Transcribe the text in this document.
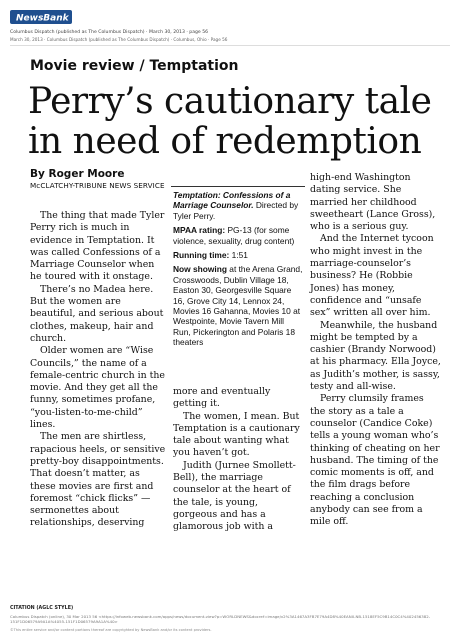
NewsBank
Columbus Dispatch (published as The Columbus Dispatch) · March 30, 2013 · page 56
March 30, 2013 · Columbus Dispatch (published as The Columbus Dispatch) · Columbus, Ohio · Page 56
Movie review / Temptation
Perry’s cautionary tale
in need of redemption
By Roger Moore
McCLATCHY-TRIBUNE NEWS SERVICE

The thing that made Tyler Perry rich is much in evidence in Temptation. It was called Confessions of a Marriage Counselor when he toured with it onstage.

There’s no Madea here. But the women are beautiful, and serious about clothes, makeup, hair and church.

Older women are “Wise Councils,” the name of a female-centric church in the movie. And they get all the funny, sometimes profane, “you-listen-to-me-child” lines.

The men are shirtless, rapacious heels, or sensitive pretty-boy disappointments. That doesn’t matter, as these movies are first and foremost “chick flicks” — sermonettes about relationships, deserving

Temptation: Confessions of a Marriage Counselor. Directed by Tyler Perry.
MPAA rating: PG-13 (for some violence, sexuality, drug content)
Running time: 1:51
Now showing at the Arena Grand, Crosswoods, Dublin Village 18, Easton 30, Georgesville Square 16, Grove City 14, Lennox 24, Movies 16 Gahanna, Movies 10 at Westpointe, Movie Tavern Mill Run, Pickerington and Polaris 18 theaters

more and eventually getting it.

The women, I mean. But Temptation is a cautionary tale about wanting what you haven’t got.

Judith (Jurnee Smollett-Bell), the marriage counselor at the heart of the tale, is young, gorgeous and has a glamorous job with a

high-end Washington dating service. She married her childhood sweetheart (Lance Gross), who is a serious guy.

And the Internet tycoon who might invest in the marriage-counselor’s business? He (Robbie Jones) has money, confidence and “unsafe sex” written all over him.

Meanwhile, the husband might be tempted by a cashier (Brandy Norwood) at his pharmacy. Ella Joyce, as Judith’s mother, is sassy, testy and all-wise.

Perry clumsily frames the story as a tale a counselor (Candice Coke) tells a young woman who’s thinking of cheating on her husband. The timing of the comic moments is off, and the film drags before reaching a conclusion anybody can see from a mile off.

CITATION (AGLC STYLE)
Columbus Dispatch (online), 30 Mar 2013 56 <https://infoweb.newsbank.com/apps/news/document-view?p=WORLDNEWS&docref=image/v2%3A1467A3FB7E79A4D8%40EANX-NB-1518EF5C9B14C0C4%402456382-151F1D06579A9A1A%4055-151F1D06579A9A1A%40>
©This entire service and/or content portions thereof are copyrighted by NewsBank and/or its content providers.
